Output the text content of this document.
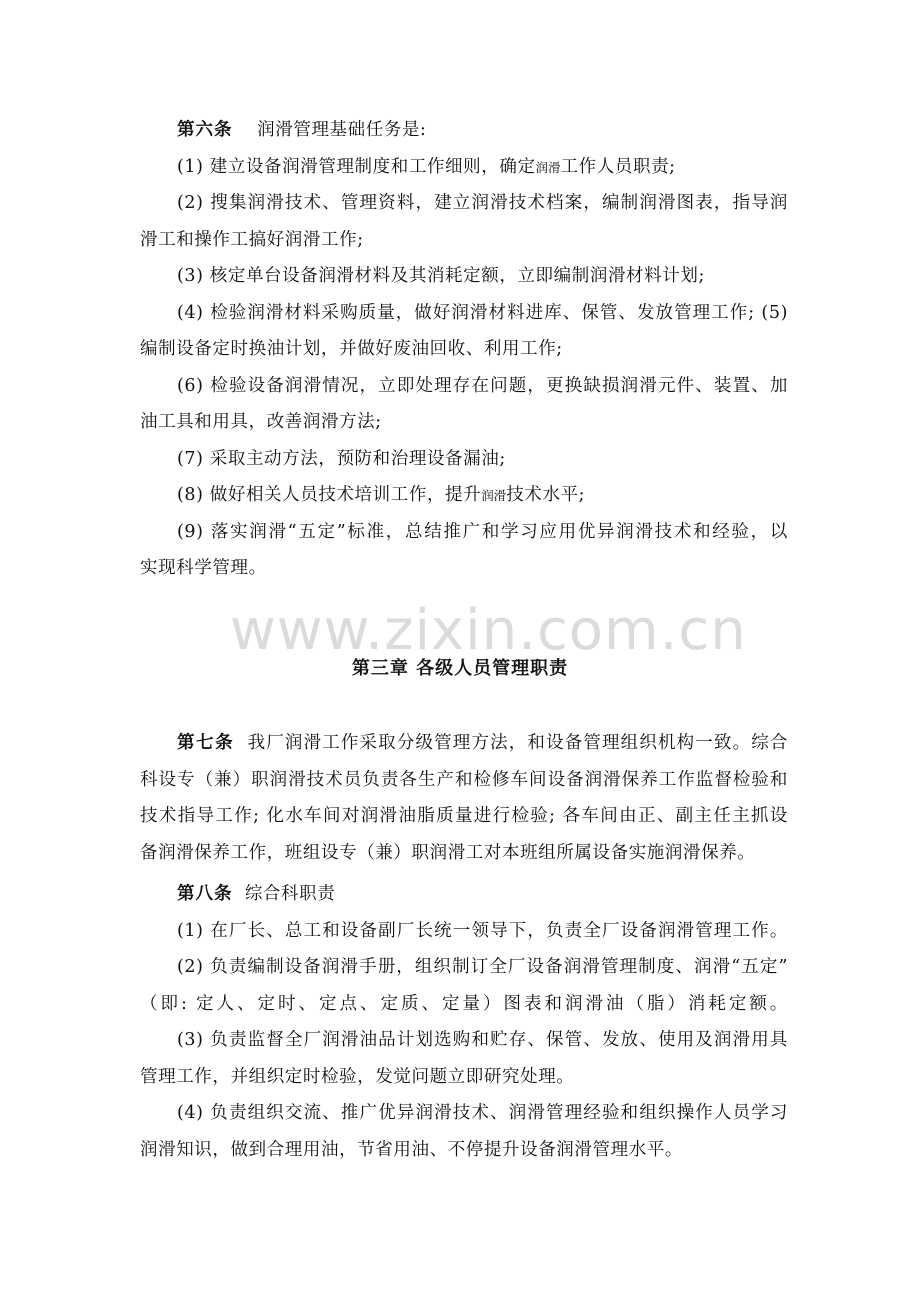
第六条 润滑管理基础任务是:
(1) 建立设备润滑管理制度和工作细则，确定润滑工作人员职责;
(2) 搜集润滑技术、管理资料，建立润滑技术档案，编制润滑图表，指导润
滑工和操作工搞好润滑工作;
(3) 核定单台设备润滑材料及其消耗定额，立即编制润滑材料计划;
(4) 检验润滑材料采购质量，做好润滑材料进库、保管、发放管理工作; (5)
编制设备定时换油计划，并做好废油回收、利用工作;
(6) 检验设备润滑情况，立即处理存在问题，更换缺损润滑元件、装置、加
油工具和用具，改善润滑方法;
(7) 采取主动方法，预防和治理设备漏油;
(8) 做好相关人员技术培训工作，提升润滑技术水平;
(9) 落实润滑“五定”标准，总结推广和学习应用优异润滑技术和经验，以
实现科学管理。
www.zixin.com.cn
第三章 各级人员管理职责
第七条 我厂润滑工作采取分级管理方法，和设备管理组织机构一致。综合
科设专（兼）职润滑技术员负责各生产和检修车间设备润滑保养工作监督检验和
技术指导工作; 化水车间对润滑油脂质量进行检验; 各车间由正、副主任主抓设
备润滑保养工作，班组设专（兼）职润滑工对本班组所属设备实施润滑保养。
第八条 综合科职责
(1) 在厂长、总工和设备副厂长统一领导下，负责全厂设备润滑管理工作。
(2) 负责编制设备润滑手册，组织制订全厂设备润滑管理制度、润滑“五定”
（即: 定人、定时、定点、定质、定量）图表和润滑油（脂）消耗定额。
(3) 负责监督全厂润滑油品计划选购和贮存、保管、发放、使用及润滑用具
管理工作，并组织定时检验，发觉问题立即研究处理。
(4) 负责组织交流、推广优异润滑技术、润滑管理经验和组织操作人员学习
润滑知识，做到合理用油，节省用油、不停提升设备润滑管理水平。
